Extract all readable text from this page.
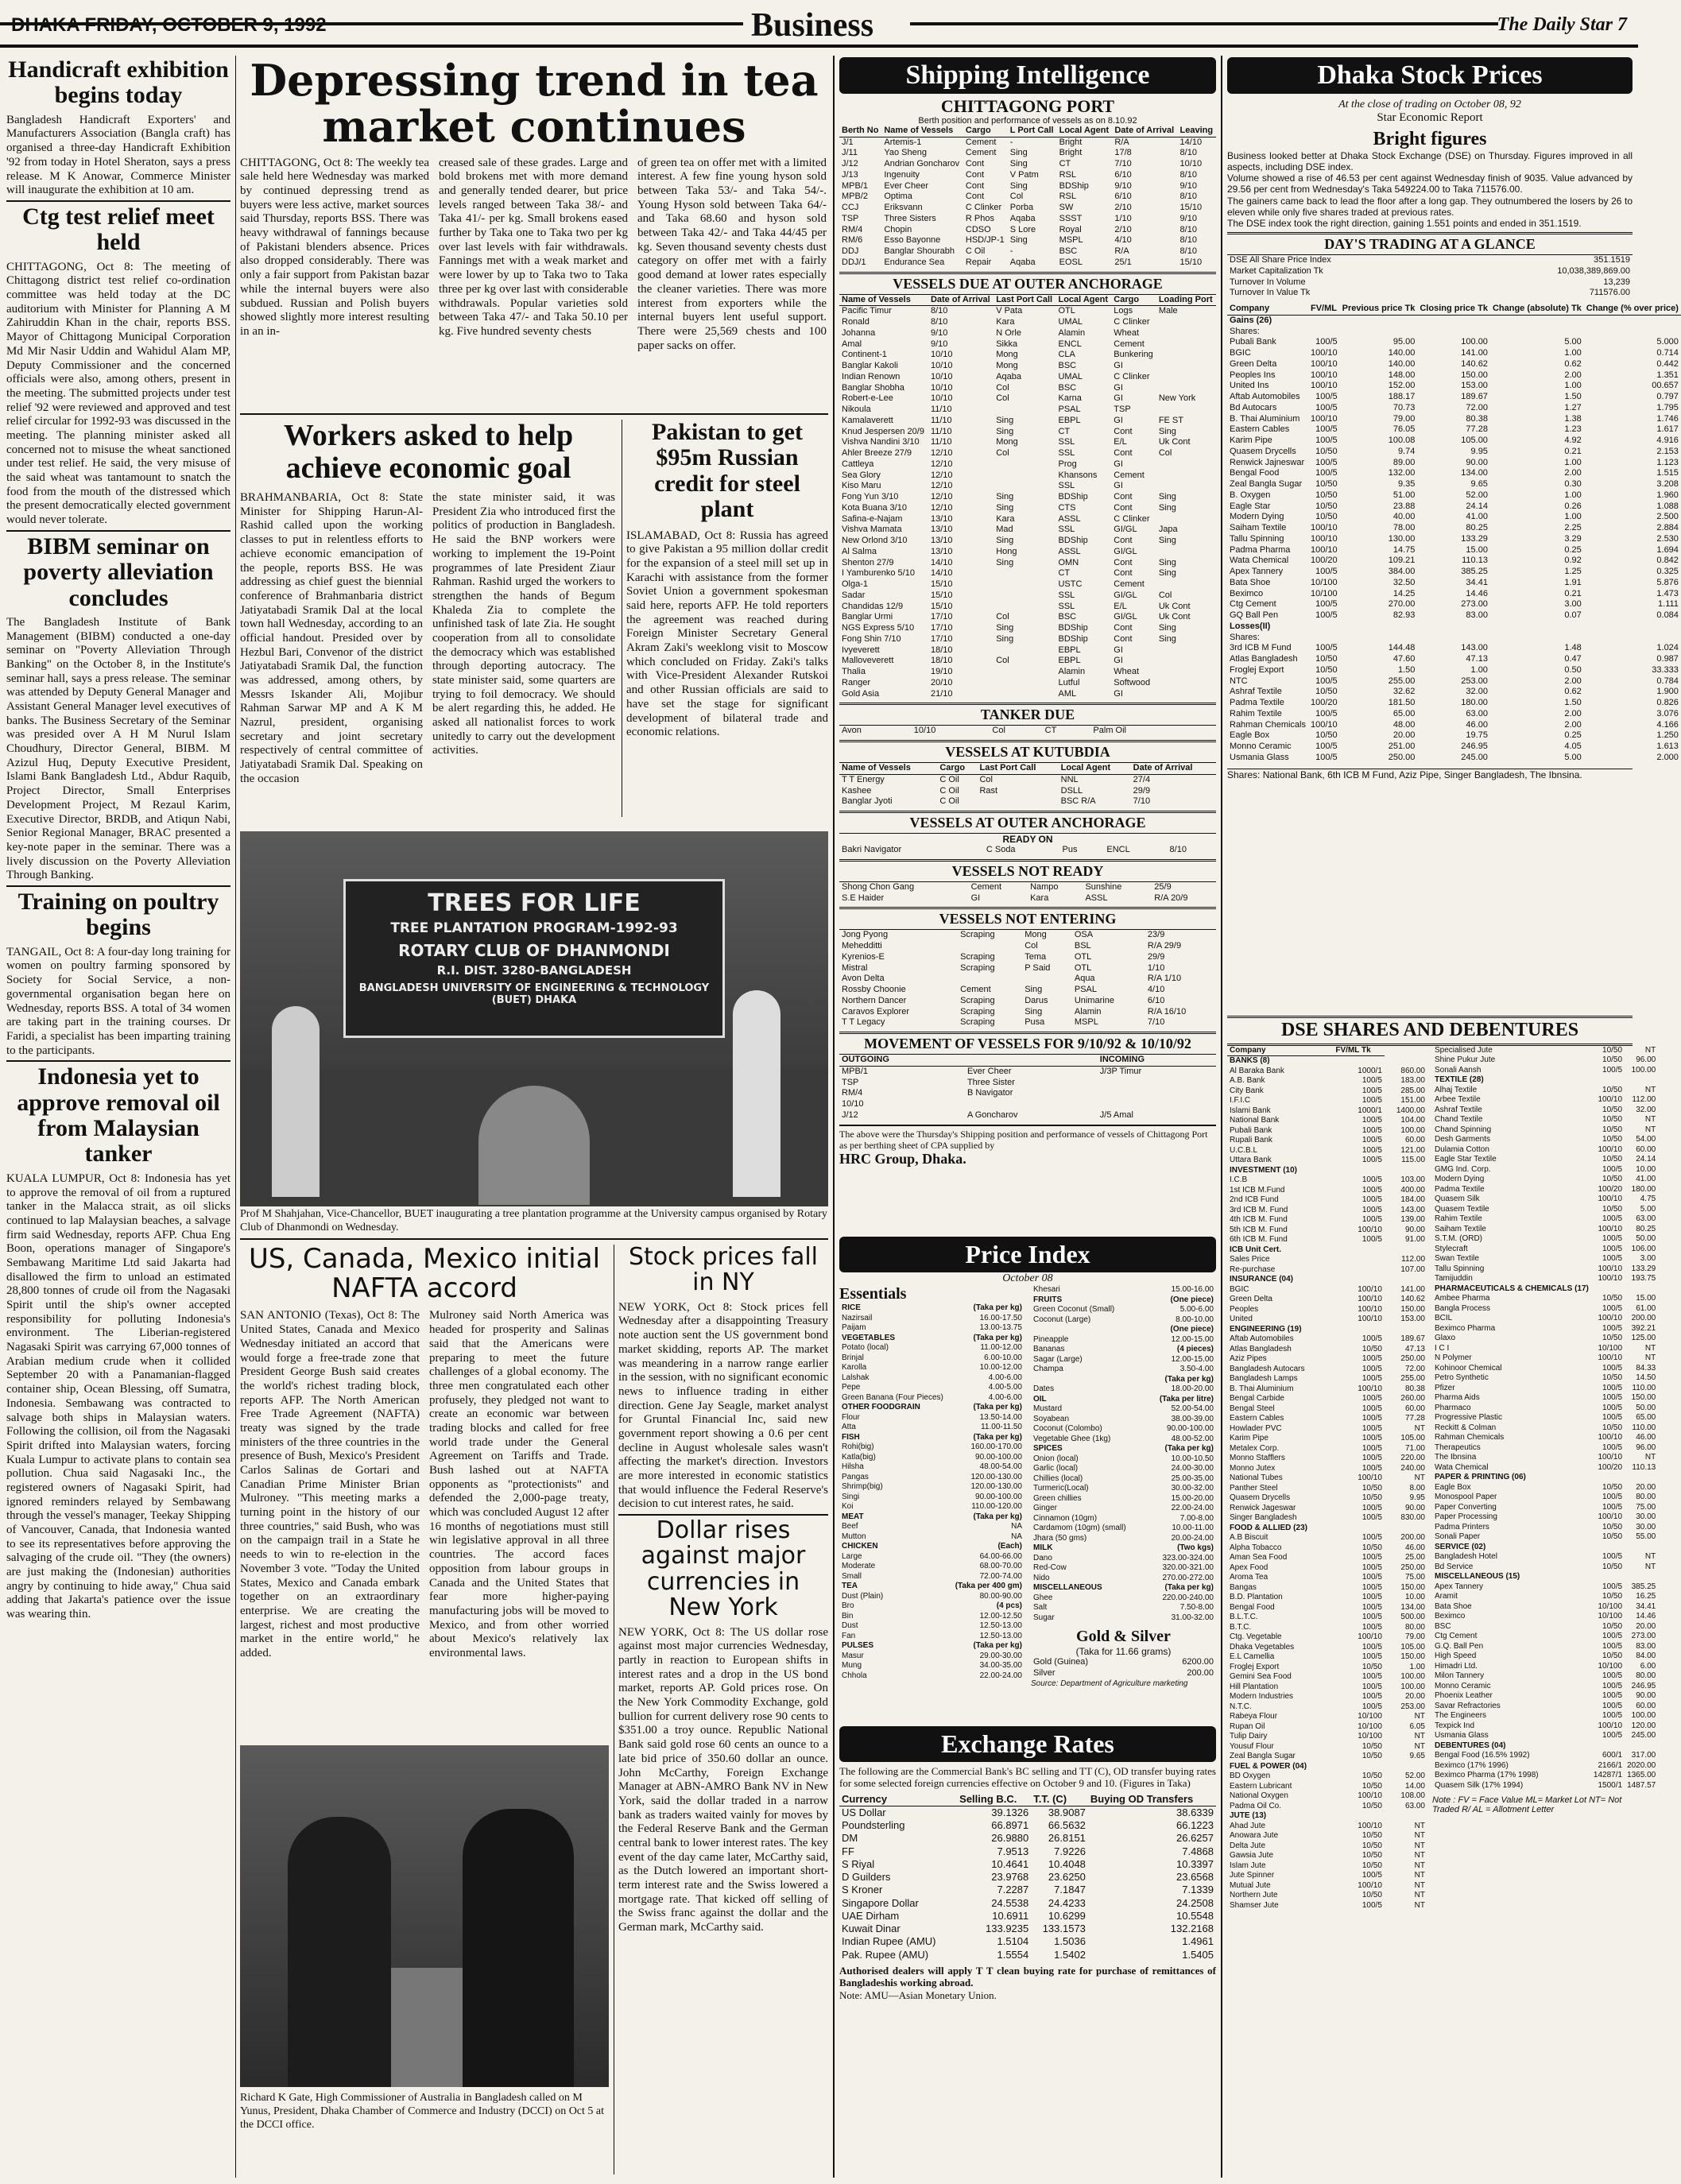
Business	The Daily Star 7
Handicraft exhibition begins today
Bangladesh Handicraft Exporters' and Manufacturers Association (Bangla craft) has organised a three-day Handicraft Exhibition '92 from today in Hotel Sheraton, says a press release. M K Anowar, Commerce Minister will inaugurate the exhibition at 10 am.
Ctg test relief meet held
CHITTAGONG, Oct 8: The meeting of Chittagong district test relief co-ordination committee was held today at the DC auditorium with Minister for Planning A M Zahiruddin Khan in the chair, reports BSS. Mayor of Chittagong Municipal Corporation Md Mir Nasir Uddin and Wahidul Alam MP, Deputy Commissioner and the concerned officials were also, among others, present in the meeting. The submitted projects under test relief '92 were reviewed and approved and test relief circular for 1992-93 was discussed in the meeting. The planning minister asked all concerned not to misuse the wheat sanctioned under test relief. He said, the very misuse of the said wheat was tantamount to snatch the food from the mouth of the distressed which the present democratically elected government would never tolerate.
BIBM seminar on poverty alleviation concludes
The Bangladesh Institute of Bank Management (BIBM) conducted a one-day seminar on "Poverty Alleviation Through Banking" on the October 8, in the Institute's seminar hall, says a press release. The seminar was attended by Deputy General Manager and Assistant General Manager level executives of banks. The Business Secretary of the Seminar was presided over A H M Nurul Islam Choudhury, Director General, BIBM. M Azizul Huq, Deputy Executive President, Islami Bank Bangladesh Ltd., Abdur Raquib, Project Director, Small Enterprises Development Project, M Rezaul Karim, Executive Director, BRDB, and Atiqun Nabi, Senior Regional Manager, BRAC presented a key-note paper in the seminar. There was a lively discussion on the Poverty Alleviation Through Banking.
Training on poultry begins
TANGAIL, Oct 8: A four-day long training for women on poultry farming sponsored by Society for Social Service, a non-governmental organisation began here on Wednesday, reports BSS. A total of 34 women are taking part in the training courses. Dr Faridi, a specialist has been imparting training to the participants.
Indonesia yet to approve removal oil from Malaysian tanker
KUALA LUMPUR, Oct 8: Indonesia has yet to approve the removal of oil from a ruptured tanker in the Malacca strait, as oil slicks continued to lap Malaysian beaches, a salvage firm said Wednesday, reports AFP. Chua Eng Boon, operations manager of Singapore's Sembawang Maritime Ltd said Jakarta had disallowed the firm to unload an estimated 28,800 tonnes of crude oil from the Nagasaki Spirit until the ship's owner accepted responsibility for polluting Indonesia's environment. The Liberian-registered Nagasaki Spirit was carrying 67,000 tonnes of Arabian medium crude when it collided September 20 with a Panamanian-flagged container ship, Ocean Blessing, off Sumatra, Indonesia. Sembawang was contracted to salvage both ships in Malaysian waters. Following the collision, oil from the Nagasaki Spirit drifted into Malaysian waters, forcing Kuala Lumpur to activate plans to contain sea pollution. Chua said Nagasaki Inc., the registered owners of Nagasaki Spirit, had ignored reminders relayed by Sembawang through the vessel's manager, Teekay Shipping of Vancouver, Canada, that Indonesia wanted to see its representatives before approving the salvaging of the crude oil. "They (the owners) are just making the (Indonesian) authorities angry by continuing to hide away," Chua said adding that Jakarta's patience over the issue was wearing thin.
Depressing trend in tea market continues
CHITTAGONG, Oct 8: The weekly tea sale held here Wednesday was marked by continued depressing trend as buyers were less active, market sources said Thursday, reports BSS. There was heavy withdrawal of fannings because of Pakistani blenders absence. Prices also dropped considerably. There was only a fair support from Pakistan bazar while the internal buyers were also subdued. Russian and Polish buyers showed slightly more interest resulting in an in-
creased sale of these grades. Large and bold brokens met with more demand and generally tended dearer, but price levels ranged between Taka 38/- and Taka 41/- per kg. Small brokens eased further by Taka one to Taka two per kg over last levels with fair withdrawals. Fannings met with a weak market and were lower by up to Taka two to Taka three per kg over last with considerable withdrawals. Popular varieties sold between Taka 47/- and Taka 50.10 per kg. Five hundred seventy chests
of green tea on offer met with a limited interest. A few fine young hyson sold between Taka 53/- and Taka 54/-. Young Hyson sold between Taka 64/- and Taka 68.60 and hyson sold between Taka 42/- and Taka 44/45 per kg. Seven thousand seventy chests dust category on offer met with a fairly good demand at lower rates especially the cleaner varieties. There was more interest from exporters while the internal buyers lent useful support. There were 25,569 chests and 100 paper sacks on offer.
Workers asked to help achieve economic goal
BRAHMANBARIA, Oct 8: State Minister for Shipping Harun-Al-Rashid called upon the working classes to put in relentless efforts to achieve economic emancipation of the people, reports BSS. He was addressing as chief guest the biennial conference of Brahmanbaria district Jatiyatabadi Sramik Dal at the local town hall Wednesday, according to an official handout. Presided over by Hezbul Bari, Convenor of the district Jatiyatabadi Sramik Dal, the function was addressed, among others, by Messrs Iskander Ali, Mojibur Rahman Sarwar MP and A K M Nazrul, president, organising secretary and joint secretary respectively of central committee of Jatiyatabadi Sramik Dal. Speaking on the occasion
the state minister said, it was President Zia who introduced first the politics of production in Bangladesh. He said the BNP workers were working to implement the 19-Point programmes of late President Ziaur Rahman. Rashid urged the workers to strengthen the hands of Begum Khaleda Zia to complete the unfinished task of late Zia. He sought cooperation from all to consolidate the democracy which was established through deporting autocracy. The state minister said, some quarters are trying to foil democracy. We should be alert regarding this, he added. He asked all nationalist forces to work unitedly to carry out the development activities.
Pakistan to get $95m Russian credit for steel plant
ISLAMABAD, Oct 8: Russia has agreed to give Pakistan a 95 million dollar credit for the expansion of a steel mill set up in Karachi with assistance from the former Soviet Union a government spokesman said here, reports AFP. He told reporters the agreement was reached during Foreign Minister Secretary General Akram Zaki's weeklong visit to Moscow which concluded on Friday. Zaki's talks with Vice-President Alexander Rutskoi and other Russian officials are said to have set the stage for significant development of bilateral trade and economic relations.
TREES FOR LIFE
TREE PLANTATION PROGRAM-1992-93
ROTARY CLUB OF DHANMONDI
R.I. DIST. 3280-BANGLADESH
BANGLADESH UNIVERSITY OF ENGINEERING & TECHNOLOGY (BUET) DHAKA
Prof M Shahjahan, Vice-Chancellor, BUET inaugurating a tree plantation programme at the University campus organised by Rotary Club of Dhanmondi on Wednesday.
US, Canada, Mexico initial NAFTA accord
SAN ANTONIO (Texas), Oct 8: The United States, Canada and Mexico Wednesday initiated an accord that would forge a free-trade zone that President George Bush said creates the world's richest trading block, reports AFP. The North American Free Trade Agreement (NAFTA) treaty was signed by the trade ministers of the three countries in the presence of Bush, Mexico's President Carlos Salinas de Gortari and Canadian Prime Minister Brian Mulroney. "This meeting marks a turning point in the history of our three countries," said Bush, who was on the campaign trail in a State he needs to win to re-election in the November 3 vote. "Today the United States, Mexico and Canada embark together on an extraordinary enterprise. We are creating the largest, richest and most productive market in the entire world," he added.
Mulroney said North America was headed for prosperity and Salinas said that the Americans were preparing to meet the future challenges of a global economy. The three men congratulated each other profusely, they pledged not want to create an economic war between trading blocks and called for free world trade under the General Agreement on Tariffs and Trade. Bush lashed out at NAFTA opponents as "protectionists" and defended the 2,000-page treaty, which was concluded August 12 after 16 months of negotiations must still win legislative approval in all three countries. The accord faces opposition from labour groups in Canada and the United States that fear more higher-paying manufacturing jobs will be moved to Mexico, and from other worried about Mexico's relatively lax environmental laws.
Richard K Gate, High Commissioner of Australia in Bangladesh called on M Yunus, President, Dhaka Chamber of Commerce and Industry (DCCI) on Oct 5 at the DCCI office.
Stock prices fall in NY
NEW YORK, Oct 8: Stock prices fell Wednesday after a disappointing Treasury note auction sent the US government bond market skidding, reports AP. The market was meandering in a narrow range earlier in the session, with no significant economic news to influence trading in either direction. Gene Jay Seagle, market analyst for Gruntal Financial Inc, said new government report showing a 0.6 per cent decline in August wholesale sales wasn't affecting the market's direction. Investors are more interested in economic statistics that would influence the Federal Reserve's decision to cut interest rates, he said.
Dollar rises against major currencies in New York
NEW YORK, Oct 8: The US dollar rose against most major currencies Wednesday, partly in reaction to European shifts in interest rates and a drop in the US bond market, reports AP. Gold prices rose. On the New York Commodity Exchange, gold bullion for current delivery rose 90 cents to $351.00 a troy ounce. Republic National Bank said gold rose 60 cents an ounce to a late bid price of 350.60 dollar an ounce. John McCarthy, Foreign Exchange Manager at ABN-AMRO Bank NV in New York, said the dollar traded in a narrow bank as traders waited vainly for moves by the Federal Reserve Bank and the German central bank to lower interest rates. The key event of the day came later, McCarthy said, as the Dutch lowered an important short-term interest rate and the Swiss lowered a mortgage rate. That kicked off selling of the Swiss franc against the dollar and the German mark, McCarthy said.
Shipping Intelligence
CHITTAGONG PORT
Berth position and performance of vessels as on 8.10.92
Berth No	Name of Vessels	Cargo	L Port Call	Local Agent	Date of Arrival	Leaving
J/1	Artemis-1	Cement	-	Bright	R/A	14/10
J/11	Yao Sheng	Cement	Sing	Bright	17/8	8/10
J/12	Andrian Goncharov	Cont	Sing	CT	7/10	10/10
J/13	Ingenuity	Cont	V Patm	RSL	6/10	8/10
MPB/1	Ever Cheer	Cont	Sing	BDShip	9/10	9/10
MPB/2	Optima	Cont	Col	RSL	6/10	8/10
CCJ	Eriksvann	C Clinker	Porba	SW	2/10	15/10
TSP	Three Sisters	R Phos	Aqaba	SSST	1/10	9/10
RM/4	Chopin	CDSO	S Lore	Royal	2/10	8/10
RM/6	Esso Bayonne	HSD/JP-1	Sing	MSPL	4/10	8/10
DDJ	Banglar Shourabh	C Oil	-	BSC	R/A	8/10
DDJ/1	Endurance Sea	Repair	Aqaba	EOSL	25/1	15/10
VESSELS DUE AT OUTER ANCHORAGE
Name of Vessels	Date of Arrival	Last Port Call	Local Agent	Cargo	Loading Port
Pacific Timur	8/10	V Pata	OTL	Logs	Male
Ronald	8/10	Kara	UMAL	C Clinker	
Johanna	9/10	N Orle	Alamin	Wheat	
Amal	9/10	Sikka	ENCL	Cement	
Continent-1	10/10	Mong	CLA	Bunkering	
Banglar Kakoli	10/10	Mong	BSC	GI	
Indian Renown	10/10	Aqaba	UMAL	C Clinker	
Banglar Shobha	10/10	Col	BSC	GI	
Robert-e-Lee	10/10	Col	Karna	GI	New York
Nikoula	11/10		PSAL	TSP	
Kamalaverett	11/10	Sing	EBPL	GI	FE ST
Knud Jespersen 20/9	11/10	Sing	CT	Cont	Sing
Vishva Nandini 3/10	11/10	Mong	SSL	E/L	Uk Cont
Ahler Breeze 27/9	12/10	Col	SSL	Cont	Col
Cattleya	12/10		Prog	GI	
Sea Glory	12/10		Khansons	Cement	
Kiso Maru	12/10		SSL	GI	
Fong Yun 3/10	12/10	Sing	BDShip	Cont	Sing
Kota Buana 3/10	12/10	Sing	CTS	Cont	Sing
Safina-e-Najam	13/10	Kara	ASSL	C Clinker	
Vishva Mamata	13/10	Mad	SSL	GI/GL	Japa
New Orlond 3/10	13/10	Sing	BDShip	Cont	Sing
Al Salma	13/10	Hong	ASSL	GI/GL	
Shenton 27/9	14/10	Sing	OMN	Cont	Sing
I Yamburenko 5/10	14/10		CT	Cont	Sing
Olga-1	15/10		USTC	Cement	
Sadar	15/10		SSL	GI/GL	Col
Chandidas 12/9	15/10		SSL	E/L	Uk Cont
Banglar Urmi	17/10	Col	BSC	GI/GL	Uk Cont
NGS Express 5/10	17/10	Sing	BDShip	Cont	Sing
Fong Shin 7/10	17/10	Sing	BDShip	Cont	Sing
Ivyeverett	18/10		EBPL	GI	
Malloveverett	18/10	Col	EBPL	GI	
Thalia	19/10		Alamin	Wheat	
Ranger	20/10		Lutful	Softwood	
Gold Asia	21/10		AML	GI	
TANKER DUE
Avon	10/10	Col	CT	Palm Oil	
VESSELS AT KUTUBDIA
Name of Vessels	Cargo	Last Port Call	Local Agent	Date of Arrival
T T Energy	C Oil	Col	NNL	27/4
Kashee	C Oil	Rast	DSLL	29/9
Banglar Jyoti	C Oil		BSC R/A	7/10
VESSELS AT OUTER ANCHORAGE
READY ON
Bakri Navigator	C Soda	Pus	ENCL	8/10
VESSELS NOT READY
Shong Chon Gang	Cement	Nampo	Sunshine	25/9
S.E Haider	GI	Kara	ASSL	R/A 20/9
VESSELS NOT ENTERING
Jong Pyong	Scraping	Mong	OSA	23/9
Mehedditti		Col	BSL	R/A 29/9
Kyrenios-E	Scraping	Tema	OTL	29/9
Mistral	Scraping	P Said	OTL	1/10
Avon Delta			Aqua	R/A 1/10
Rossby Choonie	Cement	Sing	PSAL	4/10
Northern Dancer	Scraping	Darus	Unimarine	6/10
Caravos Explorer	Scraping	Sing	Alamin	R/A 16/10
T T Legacy	Scraping	Pusa	MSPL	7/10
MOVEMENT OF VESSELS FOR 9/10/92 & 10/10/92
OUTGOING		INCOMING
MPB/1	Ever Cheer	J/3P Timur
TSP	Three Sister	
RM/4	B Navigator	
10/10		
J/12	A Goncharov	J/5 Amal
The above were the Thursday's Shipping position and performance of vessels of Chittagong Port as per berthing sheet of CPA supplied by
HRC Group, Dhaka.
Price Index
October 08
Essentials
RICE	(Taka per kg)
Nazirsail	16.00-17.50
Paijam	13.00-13.75
VEGETABLES	(Taka per kg)
Potato (local)	11.00-12.00
Brinjal	6.00-10.00
Karolla	10.00-12.00
Lalshak	4.00-6.00
Pepe	4.00-5.00
Green Banana (Four Pieces)	4.00-6.00
OTHER FOODGRAIN	(Taka per kg)
Flour	13.50-14.00
Atta	11.00-11.50
FISH	(Taka per kg)
Rohi(big)	160.00-170.00
Katla(big)	90.00-100.00
Hilsha	48.00-54.00
Pangas	120.00-130.00
Shrimp(big)	120.00-130.00
Singi	90.00-100.00
Koi	110.00-120.00
MEAT	(Taka per kg)
Beef	NA
Mutton	NA
CHICKEN	(Each)
Large	64.00-66.00
Moderate	68.00-70.00
Small	72.00-74.00
TEA	(Taka per 400 gm)
Dust (Plain)	80.00-90.00
Bro	(4 pcs)
Bin	12.00-12.50
Dust	12.50-13.00
Fan	12.50-13.00
PULSES	(Taka per kg)
Masur	29.00-30.00
Mung	34.00-35.00
Chhola	22.00-24.00
Khesari	15.00-16.00
FRUITS	(One piece)
Green Coconut (Small)	5.00-6.00
Coconut (Large)	8.00-10.00
	(One piece)
Pineapple	12.00-15.00
Bananas	(4 pieces)
Sagar (Large)	12.00-15.00
Champa	3.50-4.00
	(Taka per kg)
Dates	18.00-20.00
OIL	(Taka per litre)
Mustard	52.00-54.00
Soyabean	38.00-39.00
Coconut (Colombo)	90.00-100.00
Vegetable Ghee (1kg)	48.00-52.00
SPICES	(Taka per kg)
Onion (local)	10.00-10.50
Garlic (local)	24.00-30.00
Chillies (local)	25.00-35.00
Turmeric(Local)	30.00-32.00
Green chillies	15.00-20.00
Ginger	22.00-24.00
Cinnamon (10gm)	7.00-8.00
Cardamom (10gm) (small)	10.00-11.00
Jhara (50 gms)	20.00-24.00
MILK	(Two kgs)
Dano	323.00-324.00
Red-Cow	320.00-321.00
Nido	270.00-272.00
MISCELLANEOUS	(Taka per kg)
Ghee	220.00-240.00
Salt	7.50-8.00
Sugar	31.00-32.00
Gold & Silver
(Taka for 11.66 grams)
Gold (Guinea)	6200.00
Silver	200.00
Source: Department of Agriculture marketing
Exchange Rates
The following are the Commercial Bank's BC selling and TT (C), OD transfer buying rates for some selected foreign currencies effective on October 9 and 10. (Figures in Taka)
Currency	Selling B.C.	T.T. (C)	Buying OD Transfers
US Dollar	39.1326	38.9087	38.6339
Poundsterling	66.8971	66.5632	66.1223
DM	26.9880	26.8151	26.6257
FF	7.9513	7.9226	7.4868
S Riyal	10.4641	10.4048	10.3397
D Guilders	23.9768	23.6250	23.6568
S Kroner	7.2287	7.1847	7.1339
Singapore Dollar	24.5538	24.4233	24.2508
UAE Dirham	10.6911	10.6299	10.5548
Kuwait Dinar	133.9235	133.1573	132.2168
Indian Rupee (AMU)	1.5104	1.5036	1.4961
Pak. Rupee (AMU)	1.5554	1.5402	1.5405
Authorised dealers will apply T T clean buying rate for purchase of remittances of Bangladeshis working abroad.
Note: AMU—Asian Monetary Union.
Dhaka Stock Prices
At the close of trading on October 08, 92
Star Economic Report
Bright figures
Business looked better at Dhaka Stock Exchange (DSE) on Thursday. Figures improved in all aspects, including DSE index.
Volume showed a rise of 46.53 per cent against Wednesday finish of 9035. Value advanced by 29.56 per cent from Wednesday's Taka 549224.00 to Taka 711576.00.
The gainers came back to lead the floor after a long gap. They outnumbered the losers by 26 to eleven while only five shares traded at previous rates.
The DSE index took the right direction, gaining 1.551 points and ended in 351.1519.
DAY'S TRADING AT A GLANCE
DSE All Share Price Index	351.1519
Market Capitalization Tk	10,038,389,869.00
Turnover In Volume	13,239
Turnover In Value Tk	711576.00
Company	FV/ML	Previous price Tk	Closing price Tk	Change (absolute) Tk	Change (% over price)
Gains (26)					
Shares:					
Pubali Bank	100/5	95.00	100.00	5.00	5.000
BGIC	100/10	140.00	141.00	1.00	0.714
Green Delta	100/10	140.00	140.62	0.62	0.442
Peoples Ins	100/10	148.00	150.00	2.00	1.351
United Ins	100/10	152.00	153.00	1.00	00.657
Aftab Automobiles	100/5	188.17	189.67	1.50	0.797
Bd Autocars	100/5	70.73	72.00	1.27	1.795
B. Thai Aluminium	100/10	79.00	80.38	1.38	1.746
Eastern Cables	100/5	76.05	77.28	1.23	1.617
Karim Pipe	100/5	100.08	105.00	4.92	4.916
Quasem Drycells	10/50	9.74	9.95	0.21	2.153
Renwick Jajneswar	100/5	89.00	90.00	1.00	1.123
Bengal Food	100/5	132.00	134.00	2.00	1.515
Zeal Bangla Sugar	10/50	9.35	9.65	0.30	3.208
B. Oxygen	10/50	51.00	52.00	1.00	1.960
Eagle Star	10/50	23.88	24.14	0.26	1.088
Modern Dying	10/50	40.00	41.00	1.00	2.500
Saiham Textile	100/10	78.00	80.25	2.25	2.884
Tallu Spinning	100/10	130.00	133.29	3.29	2.530
Padma Pharma	100/10	14.75	15.00	0.25	1.694
Wata Chemical	100/20	109.21	110.13	0.92	0.842
Apex Tannery	100/5	384.00	385.25	1.25	0.325
Bata Shoe	10/100	32.50	34.41	1.91	5.876
Beximco	10/100	14.25	14.46	0.21	1.473
Ctg Cement	100/5	270.00	273.00	3.00	1.111
GQ Ball Pen	100/5	82.93	83.00	0.07	0.084
Losses(II)					
Shares:					
3rd ICB M Fund	100/5	144.48	143.00	1.48	1.024
Atlas Bangladesh	10/50	47.60	47.13	0.47	0.987
Froglej Export	10/50	1.50	1.00	0.50	33.333
NTC	100/5	255.00	253.00	2.00	0.784
Ashraf Textile	10/50	32.62	32.00	0.62	1.900
Padma Textile	100/20	181.50	180.00	1.50	0.826
Rahim Textile	100/5	65.00	63.00	2.00	3.076
Rahman Chemicals	100/10	48.00	46.00	2.00	4.166
Eagle Box	10/50	20.00	19.75	0.25	1.250
Monno Ceramic	100/5	251.00	246.95	4.05	1.613
Usmania Glass	100/5	250.00	245.00	5.00	2.000
Shares: National Bank, 6th ICB M Fund, Aziz Pipe, Singer Bangladesh, The Ibnsina.
DSE SHARES AND DEBENTURES
Company	FV/ML Tk	
BANKS (8)		
Al Baraka Bank	1000/1	860.00
A.B. Bank	100/5	183.00
City Bank	100/5	285.00
I.F.I.C	100/5	151.00
Islami Bank	1000/1	1400.00
National Bank	100/5	104.00
Pubali Bank	100/5	100.00
Rupali Bank	100/5	60.00
U.C.B.L	100/5	121.00
Uttara Bank	100/5	115.00
INVESTMENT (10)		
I.C.B	100/5	103.00
1st ICB M.Fund	100/5	400.00
2nd ICB Fund	100/5	184.00
3rd ICB M. Fund	100/5	143.00
4th ICB M. Fund	100/5	139.00
5th ICB M. Fund	100/10	90.00
6th ICB M. Fund	100/5	91.00
ICB Unit Cert.		
Sales Price		112.00
Re-purchase		107.00
INSURANCE (04)		
BGIC	100/10	141.00
Green Delta	100/10	140.62
Peoples	100/10	150.00
United	100/10	153.00
ENGINEERING (19)		
Aftab Automobiles	100/5	189.67
Atlas Bangladesh	10/50	47.13
Aziz Pipes	100/5	250.00
Bangladesh Autocars	100/5	72.00
Bangladesh Lamps	100/5	255.00
B. Thai Aluminium	100/10	80.38
Bengal Carbide	100/5	260.00
Bengal Steel	100/5	60.00
Eastern Cables	100/5	77.28
Howlader PVC	100/5	NT
Karim Pipe	100/5	105.00
Metalex Corp.	100/5	71.00
Monno Stafflers	100/5	220.00
Monno Jutex	100/5	240.00
National Tubes	100/10	NT
Panther Steel	10/50	8.00
Quasem Drycells	10/50	9.95
Renwick Jageswar	100/5	90.00
Singer Bangladesh	100/5	830.00
FOOD & ALLIED (23)		
A.B Biscuit	100/5	200.00
Alpha Tobacco	10/50	46.00
Aman Sea Food	100/5	25.00
Apex Food	100/5	250.00
Aroma Tea	100/5	75.00
Bangas	100/5	150.00
B.D. Plantation	100/5	10.00
Bengal Food	100/5	134.00
B.L.T.C.	100/5	500.00
B.T.C.	100/5	80.00
Ctg. Vegetable	100/10	79.00
Dhaka Vegetables	100/5	105.00
E.L Camellia	100/5	150.00
Froglej Export	10/50	1.00
Gemini Sea Food	100/5	100.00
Hill Plantation	100/5	100.00
Modern Industries	100/5	20.00
N.T.C.	100/5	253.00
Rabeya Flour	10/100	NT
Rupan Oil	10/100	6.05
Tulip Dairy	10/100	NT
Yousuf Flour	10/50	NT
Zeal Bangla Sugar	10/50	9.65
FUEL & POWER (04)		
BD Oxygen	10/50	52.00
Eastern Lubricant	10/50	14.00
National Oxygen	100/10	108.00
Padma Oil Co.	10/50	63.00
JUTE (13)		
Ahad Jute	100/10	NT
Anowara Jute	10/50	NT
Delta Jute	10/50	NT
Gawsia Jute	10/50	NT
Islam Jute	10/50	NT
Jute Spinner	100/5	NT
Mutual Jute	100/10	NT
Northern Jute	10/50	NT
Shamser Jute	100/5	NT
Specialised Jute	10/50	NT
Shine Pukur Jute	10/50	96.00
Sonali Aansh	100/5	100.00
TEXTILE (28)		
Alhaj Textile	10/50	NT
Arbee Textile	100/10	112.00
Ashraf Textile	10/50	32.00
Chand Textile	10/50	NT
Chand Spinning	10/50	NT
Desh Garments	10/50	54.00
Dulamia Cotton	100/10	60.00
Eagle Star Textile	10/50	24.14
GMG Ind. Corp.	100/5	10.00
Modern Dying	10/50	41.00
Padma Textile	100/20	180.00
Quasem Silk	100/10	4.75
Quasem Textile	10/50	5.00
Rahim Textile	100/5	63.00
Saiham Textile	100/10	80.25
S.T.M. (ORD)	100/5	50.00
Stylecraft	100/5	106.00
Swan Textile	100/5	3.00
Tallu Spinning	100/10	133.29
Tamijuddin	100/10	193.75
PHARMACEUTICALS & CHEMICALS (17)		
Ambee Pharma	10/50	15.00
Bangla Process	100/5	61.00
BCIL	100/10	200.00
Beximco Pharma	100/5	392.21
Glaxo	10/50	125.00
I C I	10/100	NT
N Polymer	100/10	NT
Kohinoor Chemical	100/5	84.33
Petro Synthetic	10/50	14.50
Pfizer	100/5	110.00
Pharma Aids	100/5	150.00
Pharmaco	100/5	50.00
Progressive Plastic	100/5	65.00
Reckitt & Colman	10/50	110.00
Rahman Chemicals	100/10	46.00
Therapeutics	100/5	96.00
The Ibnsina	100/10	NT
Wata Chemical	100/20	110.13
PAPER & PRINTING (06)		
Eagle Box	10/50	20.00
Monospool Paper	100/5	80.00
Paper Converting	100/5	75.00
Paper Processing	100/10	30.00
Padma Printers	10/50	30.00
Sonali Paper	10/50	55.00
SERVICE (02)		
Bangladesh Hotel	100/5	NT
Bd Service	10/50	NT
MISCELLANEOUS (15)		
Apex Tannery	100/5	385.25
Aramit	10/50	16.25
Bata Shoe	10/100	34.41
Beximco	10/100	14.46
BSC	10/50	20.00
Ctg Cement	100/5	273.00
G.Q. Ball Pen	100/5	83.00
High Speed	10/50	84.00
Himadri Ltd.	10/100	6.00
Milon Tannery	100/5	80.00
Monno Ceramic	100/5	246.95
Phoenix Leather	100/5	90.00
Savar Refractories	100/5	60.00
The Engineers	100/5	100.00
Texpick Ind	100/10	120.00
Usmania Glass	100/5	245.00
DEBENTURES (04)		
Bengal Food (16.5% 1992)	600/1	317.00
Beximco (17% 1996)	2166/1	2020.00
Beximco Pharma (17% 1998)	14287/1	1365.00
Quasem Silk (17% 1994)	1500/1	1487.57
Note : FV = Face Value ML= Market Lot NT= Not Traded R/ AL = Allotment Letter
